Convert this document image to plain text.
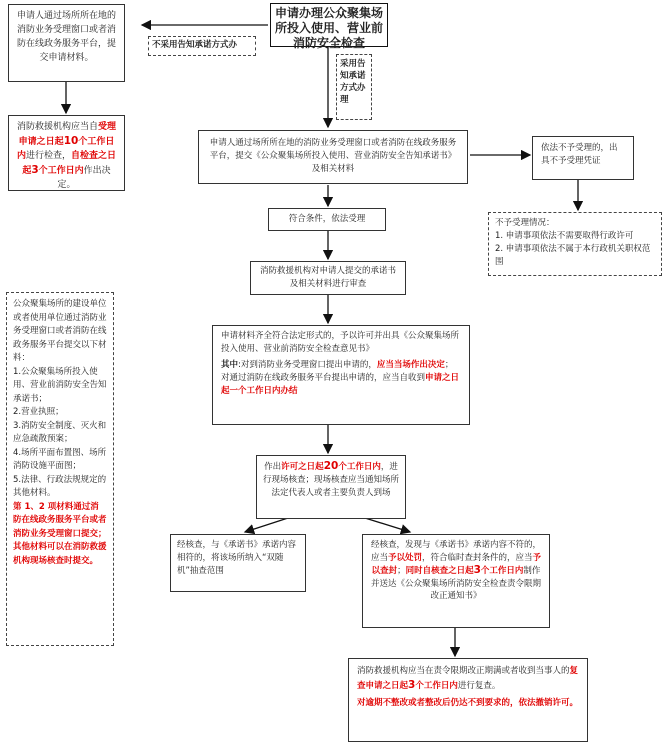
申请办理公众聚集场所投入使用、营业前消防安全检查
不采用告知承诺方式办
采用告知承诺方式办理
申请人通过场所所在地的消防业务受理窗口或者消防在线政务服务平台，提交申请材料。
消防救援机构应当自受理申请之日起10个工作日内进行检查，自检查之日起3个工作日内作出决定。
申请人通过场所所在地的消防业务受理窗口或者消防在线政务服务平台，提交《公众聚集场所投入使用、营业消防安全告知承诺书》及相关材料
依法不予受理的，出具不予受理凭证

不予受理情况：

1. 申请事项依法不需要取得行政许可

2. 申请事项依法不属于本行政机关职权范围

符合条件，依法受理
消防救援机构对申请人提交的承诺书及相关材料进行审查

申请材料齐全符合法定形式的，予以许可并出具《公众聚集场所投入使用、营业前消防安全检查意见书》

其中:对到消防业务受理窗口提出申请的，应当当场作出决定；对通过消防在线政务服务平台提出申请的，应当自收到申请之日起一个工作日内办结

作出许可之日起20个工作日内，进行现场核查；现场核查应当通知场所法定代表人或者主要负责人到场
经核查，与《承诺书》承诺内容相符的，将该场所纳入“双随机”抽查范围
经核查，发现与《承诺书》承诺内容不符的，应当予以处罚，符合临时查封条件的，应当予以查封；同时自核查之日起3个工作日内制作并送达《公众聚集场所消防安全检查责令限期改正通知书》
消防救援机构应当在责令限期改正期满或者收到当事人的复查申请之日起3个工作日内进行复查。

对逾期不整改或者整改后仍达不到要求的，依法撤销许可。

公众聚集场所的建设单位或者使用单位通过消防业务受理窗口或者消防在线政务服务平台提交以下材料：

1.公众聚集场所投入使用、营业前消防安全告知承诺书；

2.营业执照；

3.消防安全制度、灭火和应急疏散预案；

4.场所平面布置图、场所消防设施平面图；

5.法律、行政法规规定的其他材料。

第 1、2 项材料通过消防在线政务服务平台或者消防业务受理窗口提交；其他材料可以在消防救援机构现场核查时提交。
